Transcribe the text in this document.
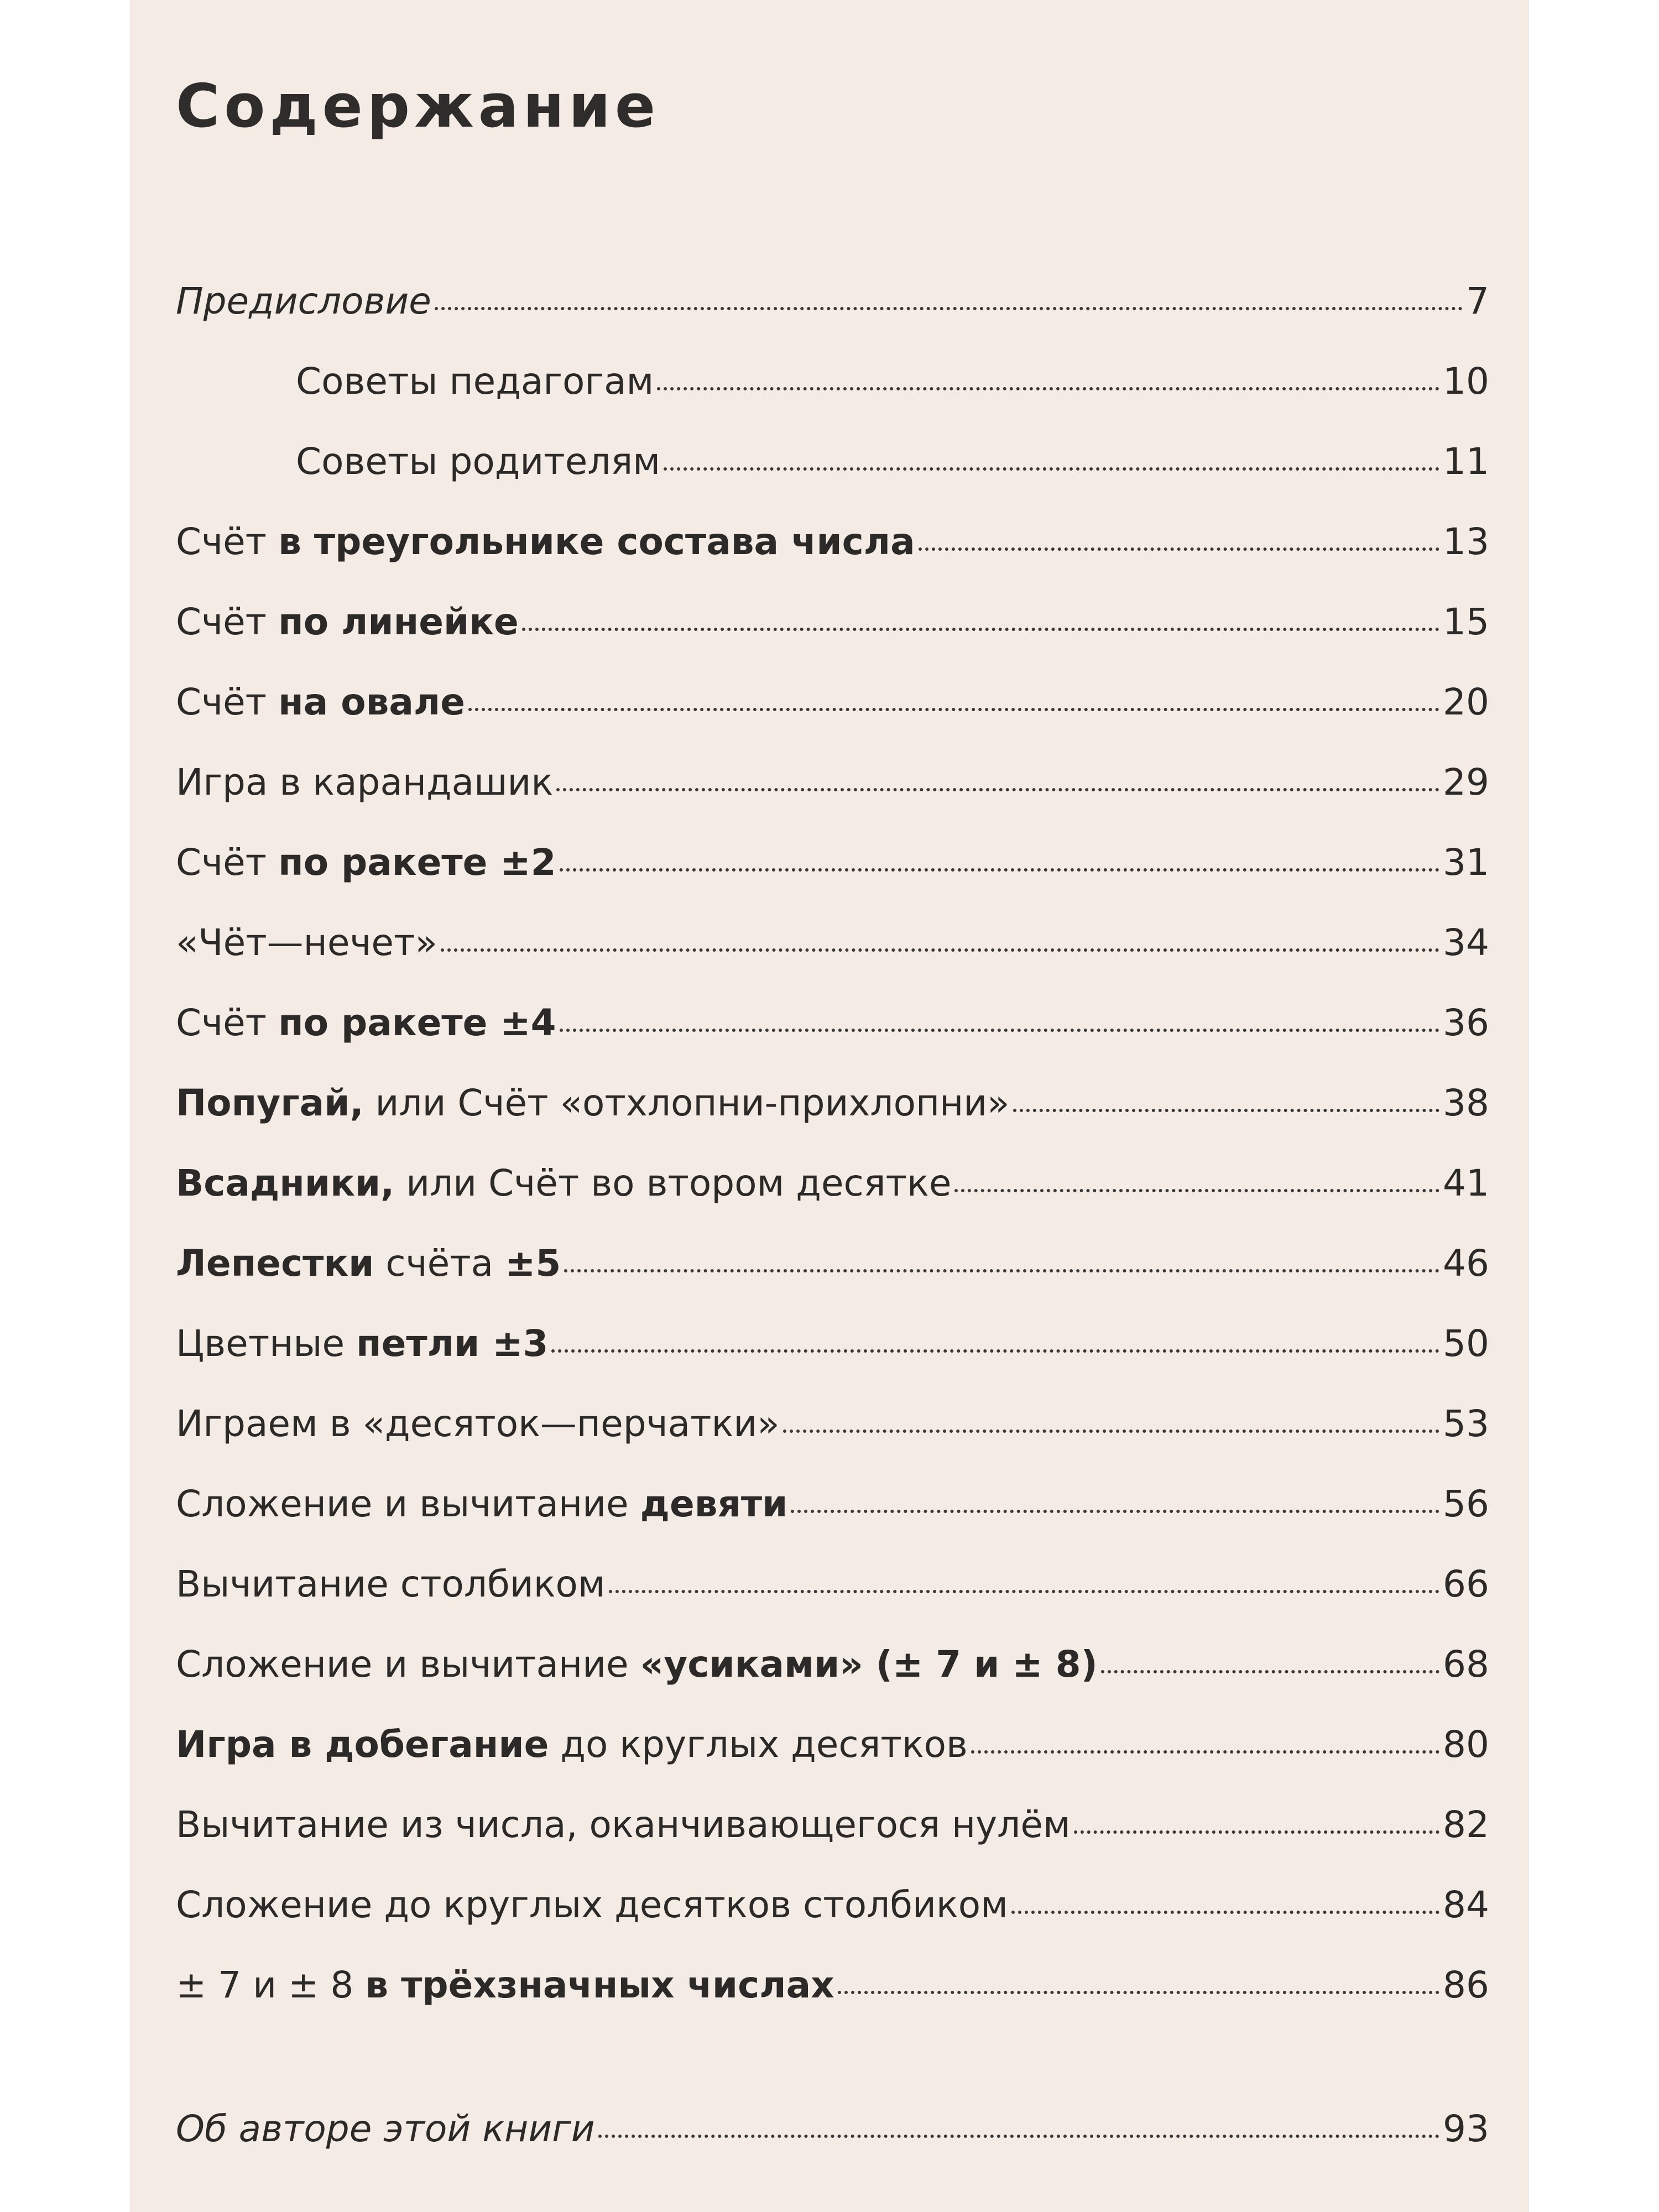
Содержание
Предисловие	7
Советы педагогам	10
Советы родителям	11
Счёт в треугольнике состава числа	13
Счёт по линейке	15
Счёт на овале	20
Игра в карандашик	29
Счёт по ракете ±2	31
«Чёт—нечет»	34
Счёт по ракете ±4	36
Попугай, или Счёт «отхлопни-прихлопни»	38
Всадники, или Счёт во втором десятке	41
Лепестки счёта ±5	46
Цветные петли ±3	50
Играем в «десяток—перчатки»	53
Сложение и вычитание девяти	56
Вычитание столбиком	66
Сложение и вычитание «усиками» (± 7 и ± 8)	68
Игра в добегание до круглых десятков	80
Вычитание из числа, оканчивающегося нулём	82
Сложение до круглых десятков столбиком	84
± 7 и ± 8 в трёхзначных числах	86
Об авторе этой книги	93
